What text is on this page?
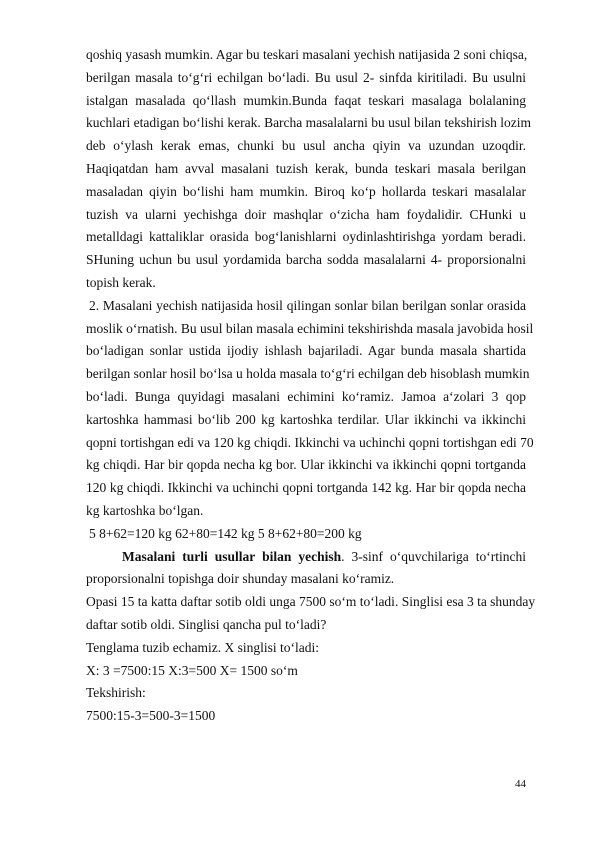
qoshiq yasash mumkin. Agar bu teskari masalani yechish natijasida 2 soni chiqsa,
berilgan masala to‘g‘ri echilgan bo‘ladi. Bu usul 2- sinfda kiritiladi. Bu usulni
istalgan masalada qo‘llash mumkin.Bunda faqat teskari masalaga bolalaning
kuchlari etadigan bo‘lishi kerak. Barcha masalalarni bu usul bilan tekshirish lozim
deb o‘ylash kerak emas, chunki bu usul ancha qiyin va uzundan uzoqdir.
Haqiqatdan ham avval masalani tuzish kerak, bunda teskari masala berilgan
masaladan qiyin bo‘lishi ham mumkin. Biroq ko‘p hollarda teskari masalalar
tuzish va ularni yechishga doir mashqlar o‘zicha ham foydalidir. CHunki u
metalldagi kattaliklar orasida bog‘lanishlarni oydinlashtirishga yordam beradi.
SHuning uchun bu usul yordamida barcha sodda masalalarni 4- proporsionalni
topish kerak.
2. Masalani yechish natijasida hosil qilingan sonlar bilan berilgan sonlar orasida
moslik o‘rnatish. Bu usul bilan masala echimini tekshirishda masala javobida hosil
bo‘ladigan sonlar ustida ijodiy ishlash bajariladi. Agar bunda masala shartida
berilgan sonlar hosil bo‘lsa u holda masala to‘g‘ri echilgan deb hisoblash mumkin
bo‘ladi. Bunga quyidagi masalani echimini ko‘ramiz. Jamoa a‘zolari 3 qop
kartoshka hammasi bo‘lib 200 kg kartoshka terdilar. Ular ikkinchi va ikkinchi
qopni tortishgan edi va 120 kg chiqdi. Ikkinchi va uchinchi qopni tortishgan edi 70
kg chiqdi. Har bir qopda necha kg bor. Ular ikkinchi va ikkinchi qopni tortganda
120 kg chiqdi. Ikkinchi va uchinchi qopni tortganda 142 kg. Har bir qopda necha
kg kartoshka bo‘lgan.
5 8+62=120 kg 62+80=142 kg 5 8+62+80=200 kg
Masalani turli usullar bilan yechish. 3-sinf o‘quvchilariga to‘rtinchi
proporsionalni topishga doir shunday masalani ko‘ramiz.
Opasi 15 ta katta daftar sotib oldi unga 7500 so‘m to‘ladi. Singlisi esa 3 ta shunday
daftar sotib oldi. Singlisi qancha pul to‘ladi?
Tenglama tuzib echamiz. X singlisi to‘ladi:
X: 3 =7500:15 X:3=500 X= 1500 so‘m
Tekshirish:
7500:15-3=500-3=1500
44
